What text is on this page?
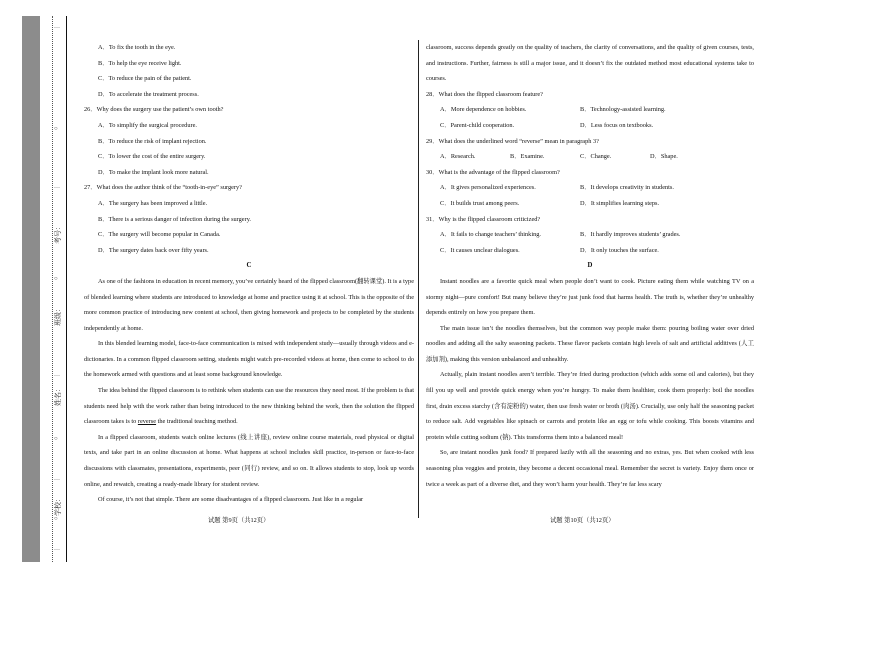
…
○
…
○
…
○
…
○
…
学校：
姓名：
班级：
考号：
A．To fix the tooth in the eye.
B．To help the eye receive light.
C．To reduce the pain of the patient.
D．To accelerate the treatment process.
26．Why does the surgery use the patient’s own tooth?
A．To simplify the surgical procedure.
B．To reduce the risk of implant rejection.
C．To lower the cost of the entire surgery.
D．To make the implant look more natural.
27．What does the author think of the “tooth-in-eye” surgery?
A．The surgery has been improved a little.
B．There is a serious danger of infection during the surgery.
C．The surgery will become popular in Canada.
D．The surgery dates back over fifty years.
C
As one of the fashions in education in recent memory, you’ve certainly heard of the flipped classroom(翻转课堂). It is a type of blended learning where students are introduced to knowledge at home and practice using it at school. This is the opposite of the more common practice of introducing new content at school, then giving homework and projects to be completed by the students independently at home.
In this blended learning model, face-to-face communication is mixed with independent study—usually through videos and e-dictionaries. In a common flipped classroom setting, students might watch pre-recorded videos at home, then come to school to do the homework armed with questions and at least some background knowledge.
The idea behind the flipped classroom is to rethink when students can use the resources they need most. If the problem is that students need help with the work rather than being introduced to the new thinking behind the work, then the solution the flipped classroom takes is to reverse the traditional teaching method.
In a flipped classroom, students watch online lectures (线上讲座), review online course materials, read physical or digital texts, and take part in an online discussion at home. What happens at school includes skill practice, in-person or face-to-face discussions with classmates, presentations, experiments, peer (同行) review, and so on. It allows students to stop, look up words online, and rewatch, creating a ready-made library for student review.
Of course, it’s not that simple. There are some disadvantages of a flipped classroom. Just like in a regular
试题 第9页（共12页）
classroom, success depends greatly on the quality of teachers, the clarity of conversations, and the quality of given courses, tests, and instructions. Further, fairness is still a major issue, and it doesn’t fix the outdated method most educational systems take to courses.
28．What does the flipped classroom feature?
A．More dependence on hobbies.	B．Technology-assisted learning.
C．Parent-child cooperation.	D．Less focus on textbooks.
29．What does the underlined word “reverse” mean in paragraph 3?
A．Research.	B．Examine.	C．Change.	D．Shape.
30．What is the advantage of the flipped classroom?
A．It gives personalized experiences.	B．It develops creativity in students.
C．It builds trust among peers.	D．It simplifies learning steps.
31．Why is the flipped classroom criticized?
A．It fails to change teachers’ thinking.	B．It hardly improves students’ grades.
C．It causes unclear dialogues.	D．It only touches the surface.
D
Instant noodles are a favorite quick meal when people don’t want to cook. Picture eating them while watching TV on a stormy night—pure comfort! But many believe they’re just junk food that harms health. The truth is, whether they’re unhealthy depends entirely on how you prepare them.
The main issue isn’t the noodles themselves, but the common way people make them: pouring boiling water over dried noodles and adding all the salty seasoning packets. These flavor packets contain high levels of salt and artificial additives (人工添加剂), making this version unbalanced and unhealthy.
Actually, plain instant noodles aren’t terrible. They’re fried during production (which adds some oil and calories), but they fill you up well and provide quick energy when you’re hungry. To make them healthier, cook them properly: boil the noodles first, drain excess starchy (含有淀粉的) water, then use fresh water or broth (肉汤). Crucially, use only half the seasoning packet to reduce salt. Add vegetables like spinach or carrots and protein like an egg or tofu while cooking. This boosts vitamins and protein while cutting sodium (钠). This transforms them into a balanced meal!
So, are instant noodles junk food? If prepared lazily with all the seasoning and no extras, yes. But when cooked with less seasoning plus veggies and protein, they become a decent occasional meal. Remember the secret is variety. Enjoy them once or twice a week as part of a diverse diet, and they won’t harm your health. They’re far less scary
试题 第10页（共12页）
